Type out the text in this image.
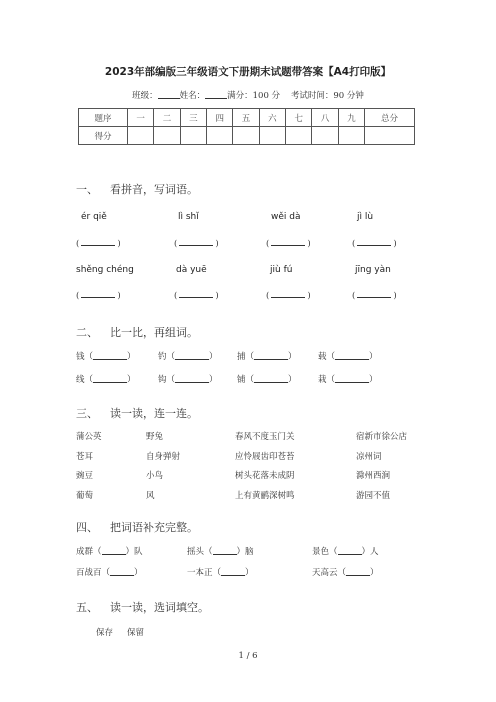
2023年部编版三年级语文下册期末试题带答案【A4打印版】
班级：	姓名：	满分：100 分 考试时间：90 分钟
题序	一	二	三	四	五	六	七	八	九	总分
得分										
一、 看拼音，写词语。
ér qiě	lì shǐ	wěi dà	jì lù
(	)	(	)	(	)	(	)
shěng chéng	dà yuē	jiù fú	jīng yàn
(	)	(	)	(	)	(	)
二、 比一比，再组词。
钱（	）	钓（	） 捕（	）	载（	）
线（	）	钩（	） 铺（	）	栽（	）
三、 读一读，连一连。
蒲公英	野兔	春风不度玉门关	宿新市徐公店
苍耳	自身弹射	应怜屐齿印苍苔	凉州词
豌豆	小鸟	树头花落未成阴	滁州西涧
葡萄	风	上有黄鹂深树鸣	游园不值
四、 把词语补充完整。
成群（	）队	摇头（	）脑	景色（	）人
百战百（	）	一本正（	）	天高云（	）
五、 读一读，选词填空。
保存 保留
1 / 6
